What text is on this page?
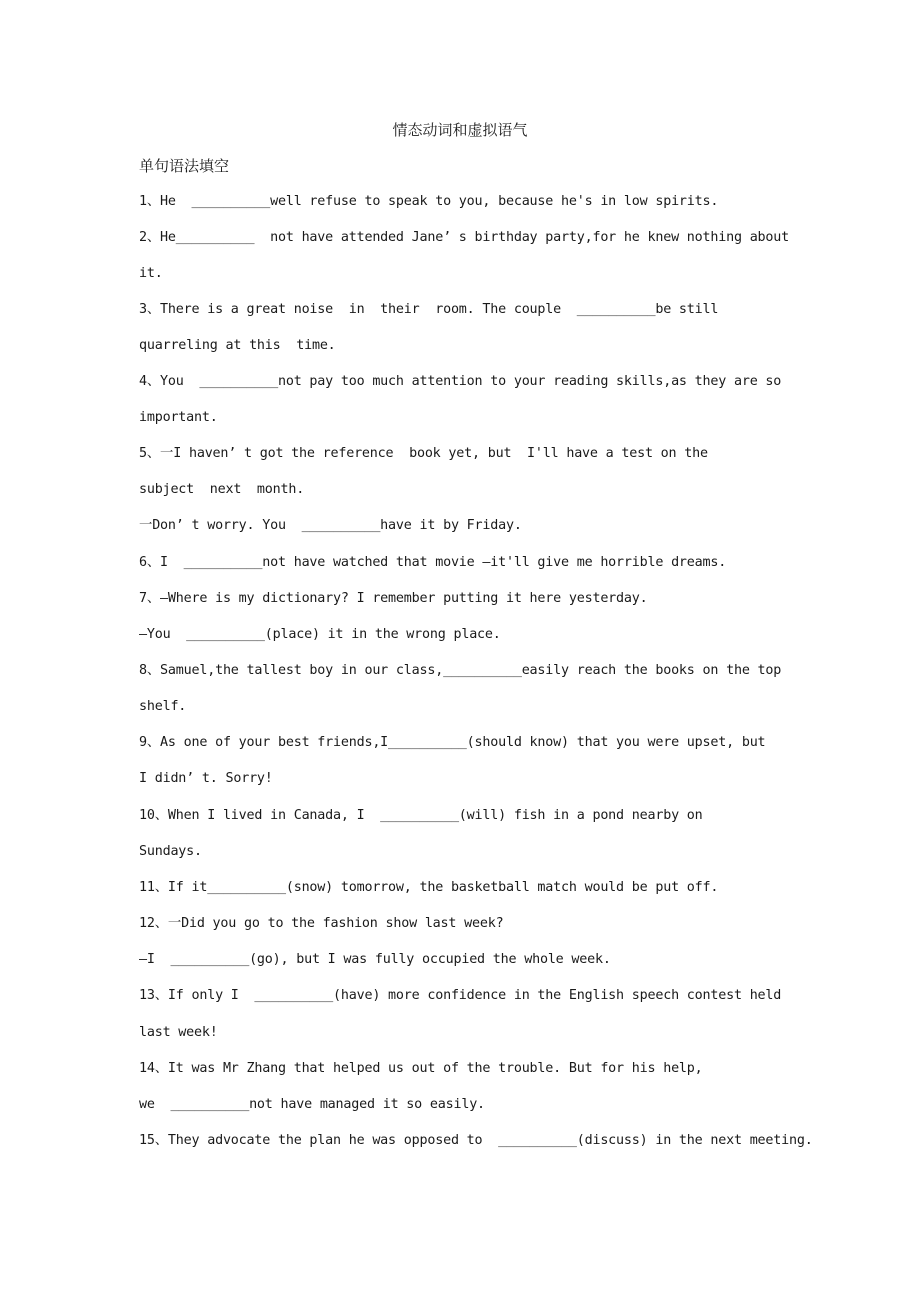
情态动词和虚拟语气
单句语法填空
1、He  __________well refuse to speak to you, because he's in low spirits.
2、He__________  not have attended Jane’ s birthday party,for he knew nothing about
it.
3、There is a great noise  in  their  room. The couple  __________be still
quarreling at this  time.
4、You  __________not pay too much attention to your reading skills,as they are so
important.
5、一I haven’ t got the reference  book yet, but  I'll have a test on the
subject  next  month.
一Don’ t worry. You  __________have it by Friday.
6、I  __________not have watched that movie —it'll give me horrible dreams.
7、—Where is my dictionary? I remember putting it here yesterday.
—You  __________(place) it in the wrong place.
8、Samuel,the tallest boy in our class,__________easily reach the books on the top
shelf.
9、As one of your best friends,I__________(should know) that you were upset, but
I didn’ t. Sorry!
10、When I lived in Canada, I  __________(will) fish in a pond nearby on
Sundays.
11、If it__________(snow) tomorrow, the basketball match would be put off.
12、一Did you go to the fashion show last week?
—I  __________(go), but I was fully occupied the whole week.
13、If only I  __________(have) more confidence in the English speech contest held
last week!
14、It was Mr Zhang that helped us out of the trouble. But for his help,
we  __________not have managed it so easily.
15、They advocate the plan he was opposed to  __________(discuss) in the next meeting.
